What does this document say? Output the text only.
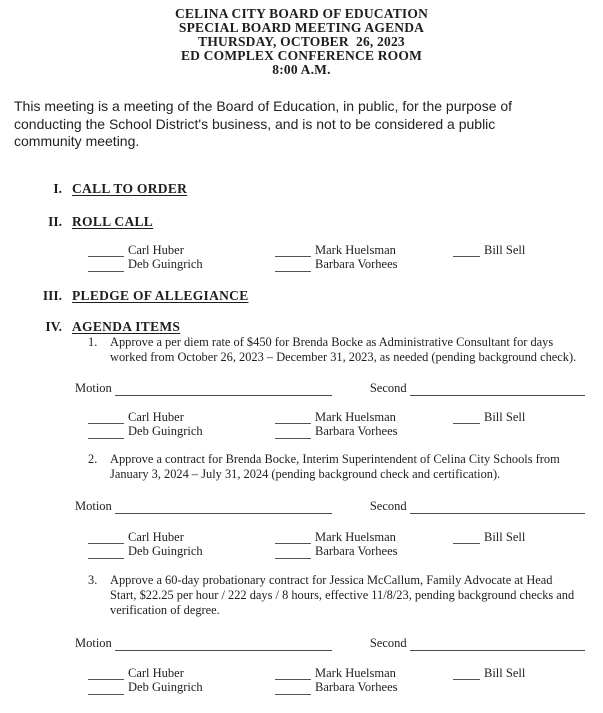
CELINA CITY BOARD OF EDUCATION
SPECIAL BOARD MEETING AGENDA
THURSDAY, OCTOBER  26, 2023
ED COMPLEX CONFERENCE ROOM
8:00 A.M.

This meeting is a meeting of the Board of Education, in public, for the purpose of conducting the School District's business, and is not to be considered a public community meeting.

I. CALL TO ORDER
II. ROLL CALL
Carl Huber	Mark Huelsman	Bill Sell
Deb Guingrich	Barbara Vorhees
III. PLEDGE OF ALLEGIANCE
IV. AGENDA ITEMS
1.	Approve a per diem rate of $450 for Brenda Bocke as Administrative Consultant for days worked from October 26, 2023 – December 31, 2023, as needed (pending background check).
Motion	Second
Carl Huber	Mark Huelsman	Bill Sell
Deb Guingrich	Barbara Vorhees
2.	Approve a contract for Brenda Bocke, Interim Superintendent of Celina City Schools from January 3, 2024 – July 31, 2024 (pending background check and certification).
Motion	Second
Carl Huber	Mark Huelsman	Bill Sell
Deb Guingrich	Barbara Vorhees
3.	Approve a 60-day probationary contract for Jessica McCallum, Family Advocate at Head Start, $22.25 per hour / 222 days / 8 hours, effective 11/8/23, pending background checks and verification of degree.
Motion	Second
Carl Huber	Mark Huelsman	Bill Sell
Deb Guingrich	Barbara Vorhees
